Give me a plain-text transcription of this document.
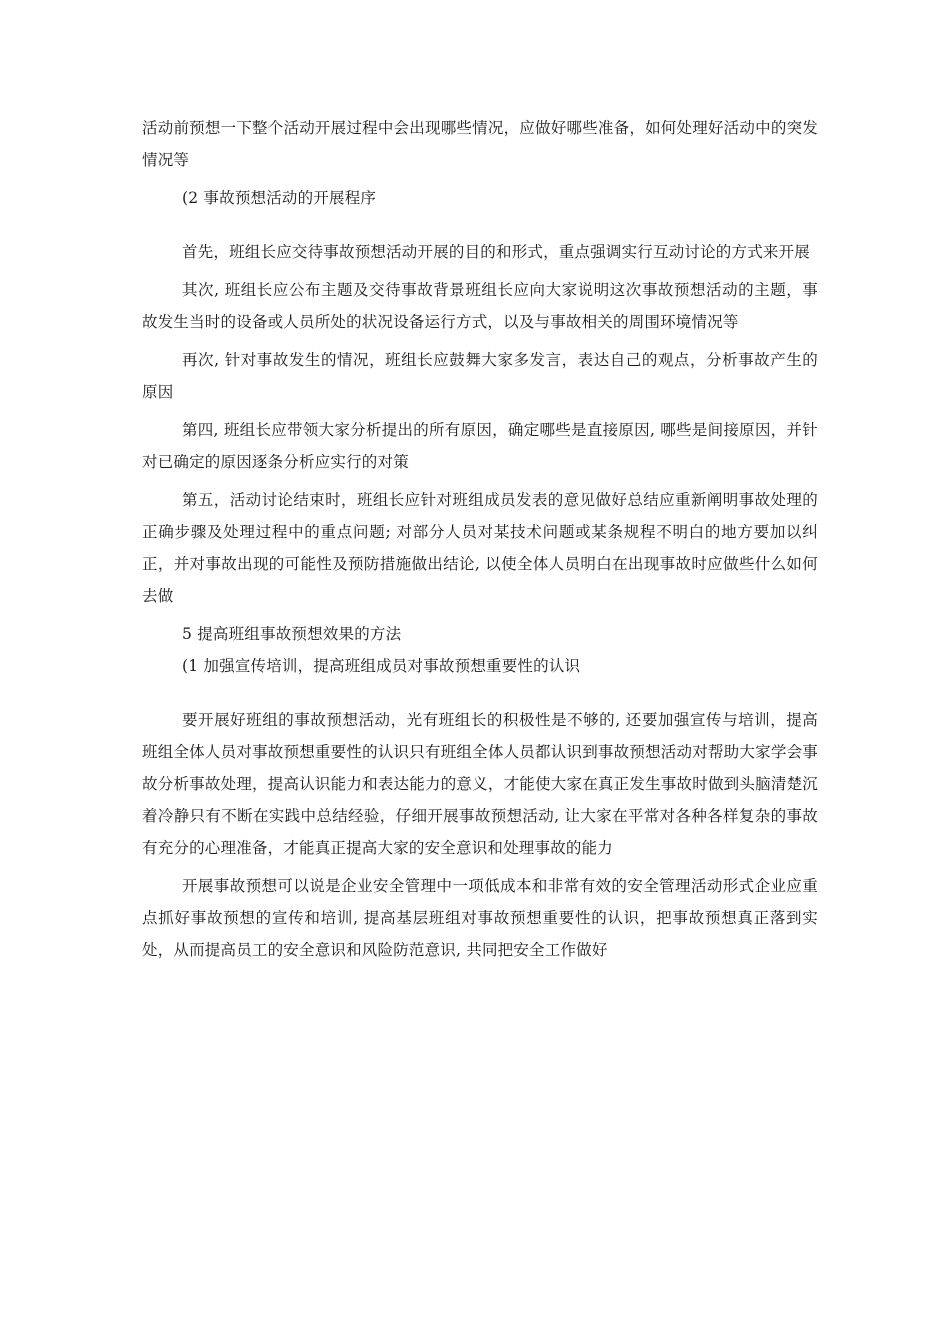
活动前预想一下整个活动开展过程中会出现哪些情况，应做好哪些准备，如何处理好活动中的突发情况等

(2 事故预想活动的开展程序

首先，班组长应交待事故预想活动开展的目的和形式，重点强调实行互动讨论的方式来开展

其次, 班组长应公布主题及交待事故背景班组长应向大家说明这次事故预想活动的主题，事故发生当时的设备或人员所处的状况设备运行方式，以及与事故相关的周围环境情况等

再次, 针对事故发生的情况，班组长应鼓舞大家多发言，表达自己的观点，分析事故产生的原因

第四, 班组长应带领大家分析提出的所有原因，确定哪些是直接原因, 哪些是间接原因，并针对已确定的原因逐条分析应实行的对策

第五，活动讨论结束时，班组长应针对班组成员发表的意见做好总结应重新阐明事故处理的正确步骤及处理过程中的重点问题; 对部分人员对某技术问题或某条规程不明白的地方要加以纠正，并对事故出现的可能性及预防措施做出结论, 以使全体人员明白在出现事故时应做些什么如何去做

5 提高班组事故预想效果的方法

(1 加强宣传培训，提高班组成员对事故预想重要性的认识

要开展好班组的事故预想活动，光有班组长的积极性是不够的, 还要加强宣传与培训，提高班组全体人员对事故预想重要性的认识只有班组全体人员都认识到事故预想活动对帮助大家学会事故分析事故处理，提高认识能力和表达能力的意义，才能使大家在真正发生事故时做到头脑清楚沉着冷静只有不断在实践中总结经验，仔细开展事故预想活动, 让大家在平常对各种各样复杂的事故有充分的心理准备，才能真正提高大家的安全意识和处理事故的能力

开展事故预想可以说是企业安全管理中一项低成本和非常有效的安全管理活动形式企业应重点抓好事故预想的宣传和培训, 提高基层班组对事故预想重要性的认识，把事故预想真正落到实处，从而提高员工的安全意识和风险防范意识, 共同把安全工作做好
